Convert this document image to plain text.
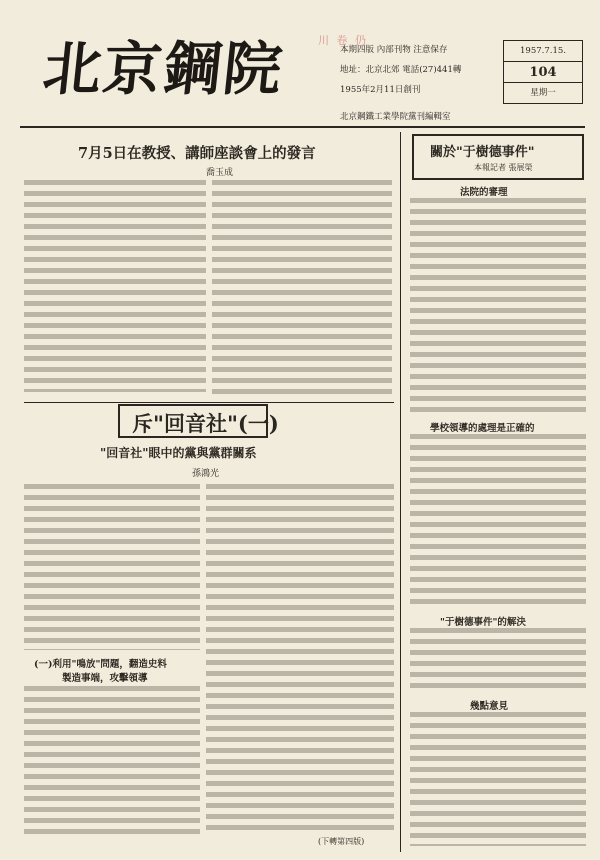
北京鋼院	川 卷 仍
本期四版 內部刊物 注意保存
地址：北京北郊 電話(27)441轉
1955年2月11日創刊
1957.7.15.
104
星期一
北京鋼鐵工業學院黨刊編輯室
7月5日在教授、講師座談會上的發言
喬玉成
關於"于樹德事件"
本報記者 張展榮
法院的審理
學校領導的處理是正確的
"于樹德事件"的解決
幾點意見
斥"回音社"(一)
"回音社"眼中的黨與黨群關系
孫鴻光
(一)利用"鳴放"問題，翻造史料
製造事端，攻擊領導
(下轉第四版)
